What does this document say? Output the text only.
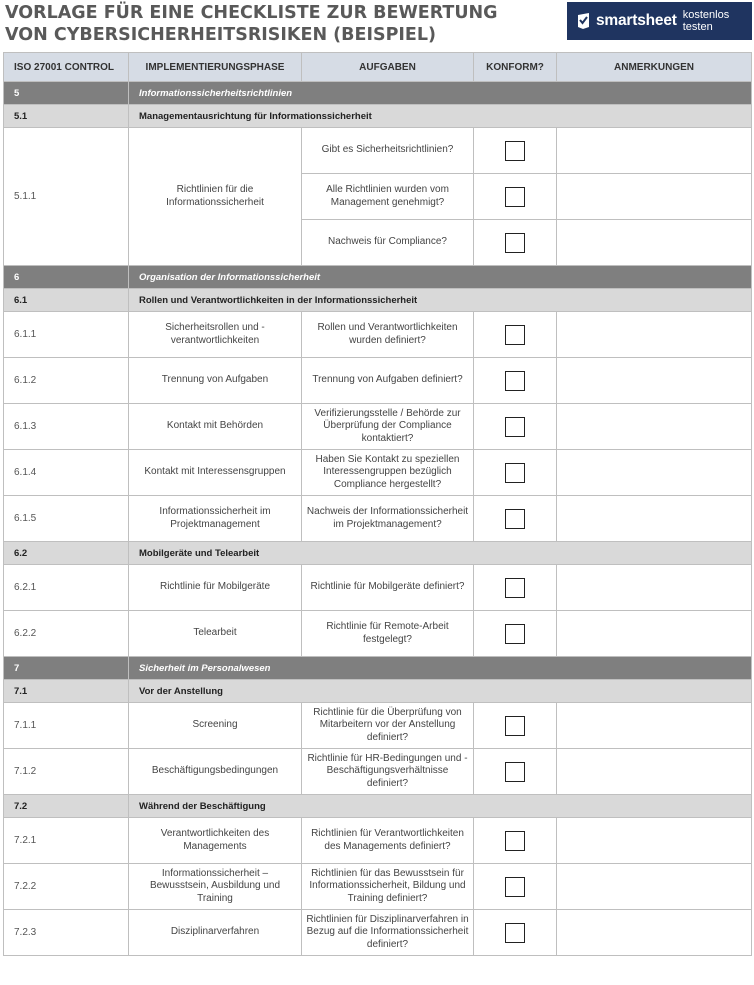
VORLAGE FÜR EINE CHECKLISTE ZUR BEWERTUNG
VON CYBERSICHERHEITSRISIKEN (BEISPIEL)
smartsheet kostenlos testen
ISO 27001 CONTROL	IMPLEMENTIERUNGSPHASE	AUFGABEN	KONFORM?	ANMERKUNGEN
5	Informationssicherheitsrichtlinien			
5.1	Managementausrichtung für Informationssicherheit			
5.1.1	Richtlinien für die Informationssicherheit	Gibt es Sicherheitsrichtlinien?		
		Alle Richtlinien wurden vom Management genehmigt?		
		Nachweis für Compliance?		
6	Organisation der Informationssicherheit			
6.1	Rollen und Verantwortlichkeiten in der Informationssicherheit			
6.1.1	Sicherheitsrollen und -verantwortlichkeiten	Rollen und Verantwortlichkeiten wurden definiert?		
6.1.2	Trennung von Aufgaben	Trennung von Aufgaben definiert?		
6.1.3	Kontakt mit Behörden	Verifizierungsstelle / Behörde zur Überprüfung der Compliance kontaktiert?		
6.1.4	Kontakt mit Interessensgruppen	Haben Sie Kontakt zu speziellen Interessengruppen bezüglich Compliance hergestellt?		
6.1.5	Informationssicherheit im Projektmanagement	Nachweis der Informationssicherheit im Projektmanagement?		
6.2	Mobilgeräte und Telearbeit			
6.2.1	Richtlinie für Mobilgeräte	Richtlinie für Mobilgeräte definiert?		
6.2.2	Telearbeit	Richtlinie für Remote-Arbeit festgelegt?		
7	Sicherheit im Personalwesen			
7.1	Vor der Anstellung			
7.1.1	Screening	Richtlinie für die Überprüfung von Mitarbeitern vor der Anstellung definiert?		
7.1.2	Beschäftigungsbedingungen	Richtlinie für HR-Bedingungen und -Beschäftigungsverhältnisse definiert?		
7.2	Während der Beschäftigung			
7.2.1	Verantwortlichkeiten des Managements	Richtlinien für Verantwortlichkeiten des Managements definiert?		
7.2.2	Informationssicherheit – Bewusstsein, Ausbildung und Training	Richtlinien für das Bewusstsein für Informationssicherheit, Bildung und Training definiert?		
7.2.3	Disziplinarverfahren	Richtlinien für Disziplinarverfahren in Bezug auf die Informationssicherheit definiert?		
